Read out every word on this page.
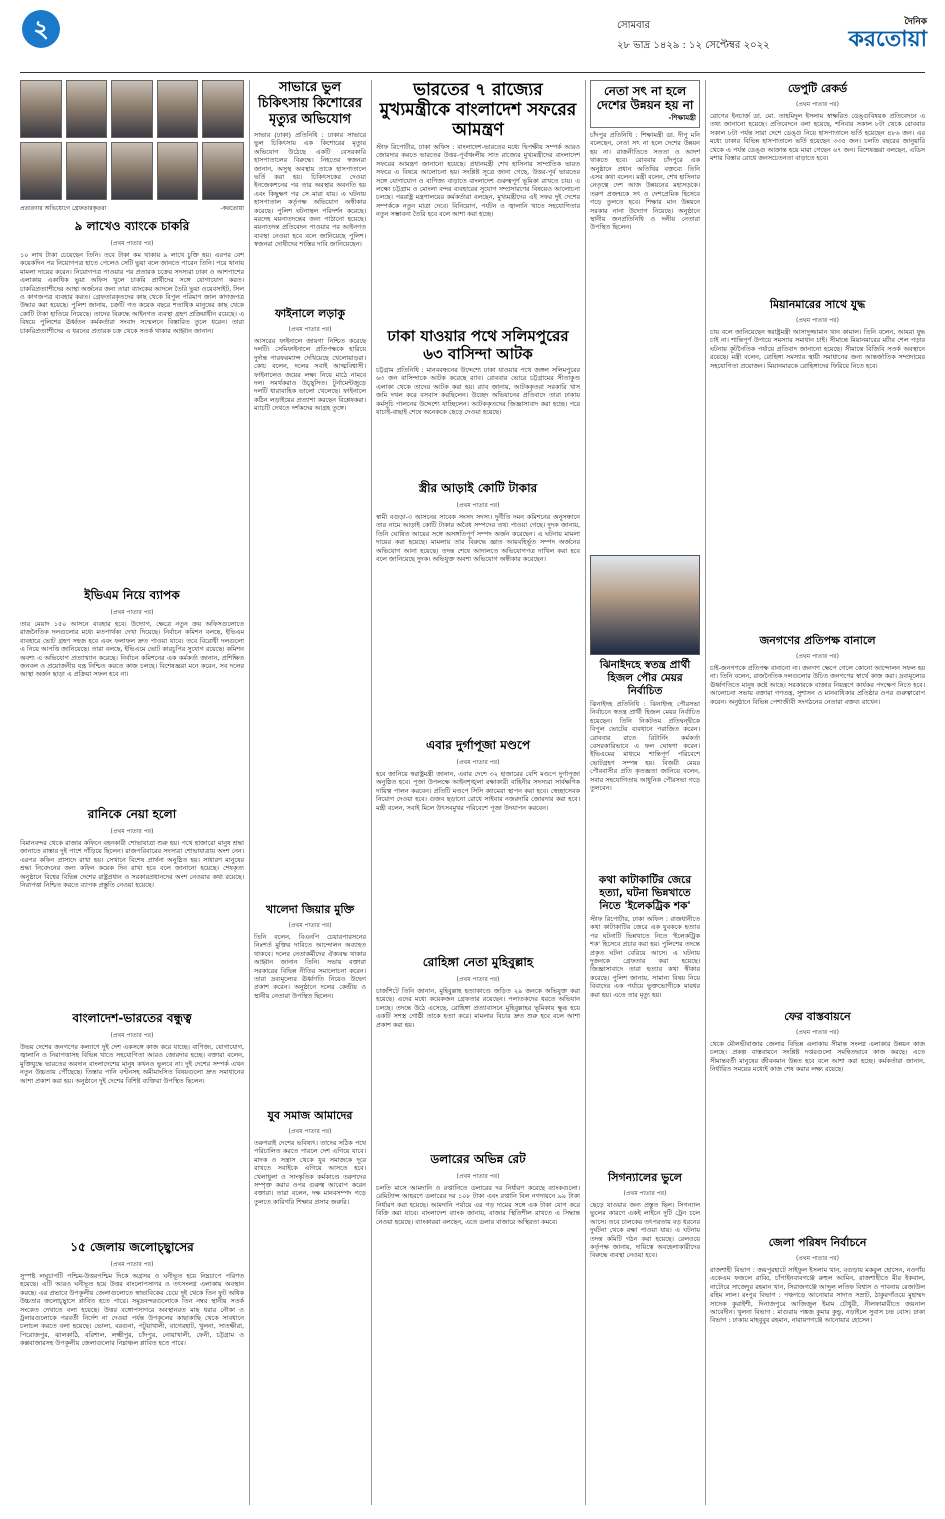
২	সোমবার
২৮ ভাদ্র ১৪২৯ : ১২ সেপ্টেম্বর ২০২২
দৈনিক
করতোয়া
প্রতারণার অভিযোগে গ্রেফতারকৃতরা	-করতোয়া
৯ লাখেও ব্যাংকে চাকরি
(প্রথম পাতার পর)
১০ লাখ টাকা চেয়েছেন তিনি। তবে টাকা কম থাকায় ৯ লাখে চুক্তি হয়। এরপর বেশ কয়েকদিন পর নিয়োগপত্র হাতে পেলেও সেটি ভুয়া বলে জানতে পারেন তিনি। পরে থানায় মামলা দায়ের করেন। নিয়োগপত্র পাওয়ার পর প্রতারক চক্রের সদস্যরা ঢাকা ও আশপাশের এলাকায় একাধিক ভুয়া অফিস খুলে চাকরি প্রার্থীদের সঙ্গে যোগাযোগ করত। চাকরিপ্রত্যাশীদের আস্থা অর্জনের জন্য তারা ব্যাংকের আদলে তৈরি ভুয়া ওয়েবসাইট, সিল ও কাগজপত্র ব্যবহার করত। গ্রেফতারকৃতদের কাছ থেকে বিপুল পরিমাণ জাল কাগজপত্র উদ্ধার করা হয়েছে। পুলিশ জানায়, চক্রটি গত কয়েক বছরে শতাধিক মানুষের কাছ থেকে কোটি টাকা হাতিয়ে নিয়েছে। তাদের বিরুদ্ধে আইনগত ব্যবস্থা গ্রহণ প্রক্রিয়াধীন রয়েছে। এ বিষয়ে পুলিশের ঊর্ধ্বতন কর্মকর্তারা সংবাদ সম্মেলনে বিস্তারিত তুলে ধরেন। তারা চাকরিপ্রত্যাশীদের এ ধরনের প্রতারক চক্র থেকে সতর্ক থাকার আহ্বান জানান।
ইভিএম নিয়ে ব্যাপক
(প্রথম পাতার পর)
তার মেয়াদ ১৫০ আসনে ব্যবহার হবে। উদ্যোগ, ক্ষেত্রে নতুন ক্রয় অফিসগুলোতে রাজনৈতিক দলগুলোর মধ্যে মতপার্থক্য দেখা দিয়েছে। নির্বাচন কমিশন বলছে, ইভিএম ব্যবহারে ভোট গ্রহণ সহজ হবে এবং ফলাফল দ্রুত পাওয়া যাবে। তবে বিরোধী দলগুলো এ নিয়ে আপত্তি জানিয়েছে। তারা বলছে, ইভিএমে ভোট কারচুপির সুযোগ রয়েছে। কমিশন অবশ্য এ অভিযোগ প্রত্যাখ্যান করেছে। নির্বাচন কমিশনের এক কর্মকর্তা জানান, প্রশিক্ষিত জনবল ও প্রয়োজনীয় যন্ত্র নিশ্চিত করতে কাজ চলছে। বিশেষজ্ঞরা মনে করেন, সব দলের আস্থা অর্জন ছাড়া এ প্রক্রিয়া সফল হবে না।
রানিকে নেয়া হলো
(প্রথম পাতার পর)
বিমানবন্দর থেকে রাজার কফিনে বহনকারী শোভাযাত্রা শুরু হয়। পথে হাজারো মানুষ শ্রদ্ধা জানাতে রাস্তার দুই পাশে দাঁড়িয়ে ছিলেন। রাজপরিবারের সদস্যরা শোভাযাত্রায় অংশ নেন। এরপর কফিন প্রাসাদে রাখা হয়। সেখানে বিশেষ প্রার্থনা অনুষ্ঠিত হয়। সাধারণ মানুষের শ্রদ্ধা নিবেদনের জন্য কফিন কয়েক দিন রাখা হবে বলে জানানো হয়েছে। শেষকৃত্য অনুষ্ঠানে বিশ্বের বিভিন্ন দেশের রাষ্ট্রপ্রধান ও সরকারপ্রধানদের অংশ নেওয়ার কথা রয়েছে। নিরাপত্তা নিশ্চিত করতে ব্যাপক প্রস্তুতি নেওয়া হয়েছে।
বাংলাদেশ-ভারতের বন্ধুত্ব
(প্রথম পাতার পর)
উভয় দেশের জনগণের কল্যাণে দুই দেশ একসঙ্গে কাজ করে যাচ্ছে। বাণিজ্য, যোগাযোগ, জ্বালানি ও নিরাপত্তাসহ বিভিন্ন খাতে সহযোগিতা আরও জোরদার হচ্ছে। বক্তারা বলেন, মুক্তিযুদ্ধে ভারতের অবদান বাংলাদেশের মানুষ কখনও ভুলবে না। দুই দেশের সম্পর্ক এখন নতুন উচ্চতায় পৌঁছেছে। তিস্তার পানি বণ্টনসহ অমীমাংসিত বিষয়গুলো দ্রুত সমাধানের আশা প্রকাশ করা হয়। অনুষ্ঠানে দুই দেশের বিশিষ্ট ব্যক্তিরা উপস্থিত ছিলেন।
১৫ জেলায় জলোচ্ছ্বাসের
(প্রথম পাতার পর)
সুস্পষ্ট লঘুচাপটি পশ্চিম-উত্তরপশ্চিম দিকে অগ্রসর ও ঘনীভূত হয়ে নিম্নচাপে পরিণত হয়েছে। এটি আরও ঘনীভূত হয়ে উত্তর বাংলোপসাগর ও তৎসংলগ্ন এলাকায় অবস্থান করছে। এর প্রভাবে উপকূলীয় জেলাগুলোতে স্বাভাবিকের চেয়ে দুই থেকে তিন ফুট অধিক উচ্চতার জলোচ্ছ্বাসে প্লাবিত হতে পারে। সমুদ্রবন্দরগুলোকে তিন নম্বর স্থানীয় সতর্ক সংকেত দেখাতে বলা হয়েছে। উত্তর বঙ্গোপসাগরে অবস্থানরত মাছ ধরার নৌকা ও ট্রলারগুলোকে পরবর্তী নির্দেশ না দেওয়া পর্যন্ত উপকূলের কাছাকাছি থেকে সাবধানে চলাচল করতে বলা হয়েছে। ভোলা, বরগুনা, পটুয়াখালী, বাগেরহাট, খুলনা, সাতক্ষীরা, পিরোজপুর, ঝালকাঠি, বরিশাল, লক্ষ্মীপুর, চাঁদপুর, নোয়াখালী, ফেনী, চট্টগ্রাম ও কক্সবাজারসহ উপকূলীয় জেলাগুলোর নিম্নাঞ্চল প্লাবিত হতে পারে।
সাভারে ভুল চিকিৎসায় কিশোরের মৃত্যুর অভিযোগ
সাভার (ঢাকা) প্রতিনিধি : ঢাকার সাভারে ভুল চিকিৎসায় এক কিশোরের মৃত্যুর অভিযোগ উঠেছে একটি বেসরকারি হাসপাতালের বিরুদ্ধে। নিহতের স্বজনরা জানান, অসুস্থ অবস্থায় তাকে হাসপাতালে ভর্তি করা হয়। চিকিৎসকের দেওয়া ইনজেকশনের পর তার অবস্থার অবনতি হয় এবং কিছুক্ষণ পর সে মারা যায়। এ ঘটনায় হাসপাতাল কর্তৃপক্ষ অভিযোগ অস্বীকার করেছে। পুলিশ ঘটনাস্থল পরিদর্শন করেছে। মরদেহ ময়নাতদন্তের জন্য পাঠানো হয়েছে। ময়নাতদন্ত প্রতিবেদন পাওয়ার পর আইনগত ব্যবস্থা নেওয়া হবে বলে জানিয়েছে পুলিশ। স্বজনরা দোষীদের শাস্তির দাবি জানিয়েছেন।
ফাইনালে লড়াকু
(প্রথম পাতার পর)
আসরের ফাইনালে জায়গা নিশ্চিত করেছে দলটি। সেমিফাইনালে প্রতিপক্ষকে হারিয়ে দুর্দান্ত পারফরম্যান্স দেখিয়েছে খেলোয়াড়রা। কোচ বলেন, দলের সবাই আত্মবিশ্বাসী। ফাইনালেও জয়ের লক্ষ্য নিয়ে মাঠে নামবে দল। সমর্থকরাও উচ্ছ্বসিত। টুর্নামেন্টজুড়ে দলটি ধারাবাহিক ভালো খেলেছে। ফাইনালে কঠিন লড়াইয়ের প্রত্যাশা করছেন বিশ্লেষকরা। ম্যাচটি দেখতে দর্শকদের আগ্রহ তুঙ্গে।
খালেদা জিয়ার মুক্তি
(প্রথম পাতার পর)
তিনি বলেন, বিএনপি চেয়ারপারসনের নিঃশর্ত মুক্তির দাবিতে আন্দোলন অব্যাহত থাকবে। দলের নেতাকর্মীদের ঐক্যবদ্ধ থাকার আহ্বান জানান তিনি। সভায় বক্তারা সরকারের বিভিন্ন নীতির সমালোচনা করেন। তারা দ্রব্যমূল্যের ঊর্ধ্বগতি নিয়েও উদ্বেগ প্রকাশ করেন। অনুষ্ঠানে দলের কেন্দ্রীয় ও স্থানীয় নেতারা উপস্থিত ছিলেন।
যুব সমাজ আমাদের
(প্রথম পাতার পর)
তরুণরাই দেশের ভবিষ্যৎ। তাদের সঠিক পথে পরিচালিত করতে পারলে দেশ এগিয়ে যাবে। মাদক ও সন্ত্রাস থেকে যুব সমাজকে দূরে রাখতে সবাইকে এগিয়ে আসতে হবে। খেলাধুলা ও সাংস্কৃতিক কর্মকাণ্ডে তরুণদের সম্পৃক্ত করার ওপর গুরুত্ব আরোপ করেন বক্তারা। তারা বলেন, দক্ষ মানবসম্পদ গড়ে তুলতে কারিগরি শিক্ষার প্রসার জরুরি।
ভারতের ৭ রাজ্যের মুখ্যমন্ত্রীকে বাংলাদেশ সফরের আমন্ত্রণ
স্টাফ রিপোর্টার, ঢাকা অফিস : বাংলাদেশ-ভারতের মধ্যে দ্বিপক্ষীয় সম্পর্ক আরও জোরদার করতে ভারতের উত্তর-পূর্বাঞ্চলীয় সাত রাজ্যের মুখ্যমন্ত্রীদের বাংলাদেশ সফরের আমন্ত্রণ জানানো হয়েছে। প্রধানমন্ত্রী শেখ হাসিনার সাম্প্রতিক ভারত সফরে এ বিষয়ে আলোচনা হয়। সংশ্লিষ্ট সূত্রে জানা গেছে, উত্তর-পূর্ব ভারতের সঙ্গে যোগাযোগ ও বাণিজ্য বাড়াতে বাংলাদেশ গুরুত্বপূর্ণ ভূমিকা রাখতে চায়। এ লক্ষ্যে চট্টগ্রাম ও মোংলা বন্দর ব্যবহারের সুযোগ সম্প্রসারণের বিষয়েও আলোচনা চলছে। পররাষ্ট্র মন্ত্রণালয়ের কর্মকর্তারা বলছেন, মুখ্যমন্ত্রীদের এই সফর দুই দেশের সম্পর্ককে নতুন মাত্রা দেবে। বিনিয়োগ, পর্যটন ও জ্বালানি খাতে সহযোগিতার নতুন সম্ভাবনা তৈরি হবে বলে আশা করা হচ্ছে।
ঢাকা যাওয়ার পথে সলিমপুরের ৬৩ বাসিন্দা আটক
চট্টগ্রাম প্রতিনিধি : মানববন্ধনের উদ্দেশ্যে ঢাকা যাওয়ার পথে জঙ্গল সলিমপুরের ৬৩ জন বাসিন্দাকে আটক করেছে র‍্যাব। রোববার ভোরে চট্টগ্রামের সীতাকুণ্ড এলাকা থেকে তাদের আটক করা হয়। র‍্যাব জানায়, আটককৃতরা সরকারি খাস জমি দখল করে বসবাস করছিলেন। উচ্ছেদ অভিযানের প্রতিবাদে তারা ঢাকায় কর্মসূচি পালনের উদ্দেশ্যে যাচ্ছিলেন। আটককৃতদের জিজ্ঞাসাবাদ করা হচ্ছে। পরে যাচাই-বাছাই শেষে অনেককে ছেড়ে দেওয়া হয়েছে।
স্ত্রীর আড়াই কোটি টাকার
(প্রথম পাতার পর)
স্বামী বগুড়া-৩ আসনের সাবেক সংসদ সদস্য। দুর্নীতি দমন কমিশনের অনুসন্ধানে তার নামে আড়াই কোটি টাকার অবৈধ সম্পদের তথ্য পাওয়া গেছে। দুদক জানায়, তিনি ঘোষিত আয়ের সঙ্গে অসঙ্গতিপূর্ণ সম্পদ অর্জন করেছেন। এ ঘটনায় মামলা দায়ের করা হয়েছে। মামলায় তার বিরুদ্ধে জ্ঞাত আয়বহির্ভূত সম্পদ অর্জনের অভিযোগ আনা হয়েছে। তদন্ত শেষে আদালতে অভিযোগপত্র দাখিল করা হবে বলে জানিয়েছে দুদক। অভিযুক্ত অবশ্য অভিযোগ অস্বীকার করেছেন।
এবার দুর্গাপূজা মণ্ডপে
(প্রথম পাতার পর)
হবে জানিয়ে স্বরাষ্ট্রমন্ত্রী জানান, এবার দেশে ৩২ হাজারের বেশি মণ্ডপে দুর্গাপূজা অনুষ্ঠিত হবে। পূজা উপলক্ষে আইনশৃঙ্খলা রক্ষাকারী বাহিনীর সদস্যরা সার্বক্ষণিক দায়িত্ব পালন করবেন। প্রতিটি মণ্ডপে সিসি ক্যামেরা স্থাপন করা হবে। স্বেচ্ছাসেবক নিয়োগ দেওয়া হবে। গুজব ছড়ানো রোধে সাইবার নজরদারি জোরদার করা হবে। মন্ত্রী বলেন, সবাই মিলে উৎসবমুখর পরিবেশে পূজা উদযাপন করবেন।
রোহিঙ্গা নেতা মুহিবুল্লাহ
(প্রথম পাতার পর)
চার্জশিটে তিনি জানান, মুহিবুল্লাহ হত্যাকাণ্ডে জড়িত ২৯ জনকে অভিযুক্ত করা হয়েছে। এদের মধ্যে কয়েকজন গ্রেফতার রয়েছেন। পলাতকদের ধরতে অভিযান চলছে। তদন্তে উঠে এসেছে, রোহিঙ্গা প্রত্যাবাসনে মুহিবুল্লাহর ভূমিকায় ক্ষুব্ধ হয়ে একটি সশস্ত্র গোষ্ঠী তাকে হত্যা করে। মামলার বিচার দ্রুত শুরু হবে বলে আশা প্রকাশ করা হয়।
ডলারের অভিন্ন রেট
(প্রথম পাতার পর)
চলতি মাসে আমদানি ও রপ্তানিতে ডলারের দর নির্ধারণ করেছে ব্যাংকগুলো। রেমিট্যান্স আহরণে ডলারের দর ১০৮ টাকা এবং রপ্তানি বিল নগদায়নে ৯৯ টাকা নির্ধারণ করা হয়েছে। আমদানি পর্যায়ে এর গড় দামের সঙ্গে এক টাকা যোগ করে বিক্রি করা যাবে। বাংলাদেশ ব্যাংক জানায়, বাজার স্থিতিশীল রাখতে এ সিদ্ধান্ত নেওয়া হয়েছে। ব্যাংকাররা বলছেন, এতে ডলার বাজারে অস্থিরতা কমবে।
নেতা সৎ না হলে দেশের উন্নয়ন হয় না
-শিক্ষামন্ত্রী
চাঁদপুর প্রতিনিধি : শিক্ষামন্ত্রী ডা. দীপু মনি বলেছেন, নেতা সৎ না হলে দেশের উন্নয়ন হয় না। রাজনীতিতে সততা ও আদর্শ থাকতে হবে। রোববার চাঁদপুরে এক অনুষ্ঠানে প্রধান অতিথির বক্তব্যে তিনি এসব কথা বলেন। মন্ত্রী বলেন, শেখ হাসিনার নেতৃত্বে দেশ আজ উন্নয়নের মহাসড়কে। তরুণ প্রজন্মকে সৎ ও দেশপ্রেমিক হিসেবে গড়ে তুলতে হবে। শিক্ষার মান উন্নয়নে সরকার নানা উদ্যোগ নিয়েছে। অনুষ্ঠানে স্থানীয় জনপ্রতিনিধি ও দলীয় নেতারা উপস্থিত ছিলেন।
ঝিনাইদহে স্বতন্ত্র প্রার্থী হিজল পৌর মেয়র নির্বাচিত
ঝিনাইদহ প্রতিনিধি : ঝিনাইদহ পৌরসভা নির্বাচনে স্বতন্ত্র প্রার্থী হিজল মেয়র নির্বাচিত হয়েছেন। তিনি নিকটতম প্রতিদ্বন্দ্বীকে বিপুল ভোটের ব্যবধানে পরাজিত করেন। রোববার রাতে রিটার্নিং কর্মকর্তা বেসরকারিভাবে এ ফল ঘোষণা করেন। ইভিএমের মাধ্যমে শান্তিপূর্ণ পরিবেশে ভোটগ্রহণ সম্পন্ন হয়। বিজয়ী মেয়র পৌরবাসীর প্রতি কৃতজ্ঞতা জানিয়ে বলেন, সবার সহযোগিতায় আধুনিক পৌরসভা গড়ে তুলবেন।
কথা কাটাকাটির জেরে হত্যা, ঘটনা ভিন্নখাতে নিতে 'ইলেকট্রিক শক'
স্টাফ রিপোর্টার, ঢাকা অফিস : রাজধানীতে কথা কাটাকাটির জেরে এক যুবককে হত্যার পর ঘটনাটি ভিন্নখাতে নিতে 'ইলেকট্রিক শক' হিসেবে প্রচার করা হয়। পুলিশের তদন্তে প্রকৃত ঘটনা বেরিয়ে আসে। এ ঘটনায় দুজনকে গ্রেফতার করা হয়েছে। জিজ্ঞাসাবাদে তারা হত্যার কথা স্বীকার করেছে। পুলিশ জানায়, সামান্য বিষয় নিয়ে বিবাদের এক পর্যায়ে ভুক্তভোগীকে মারধর করা হয়। এতে তার মৃত্যু হয়।
সিগন্যালের ভুলে
(প্রথম পাতার পর)
ছেড়ে যাওয়ার জন্য প্রস্তুত ছিল। সিগন্যাল ভুলের কারণে একই লাইনে দুটি ট্রেন চলে আসে। তবে চালকের তৎপরতায় বড় ধরনের দুর্ঘটনা থেকে রক্ষা পাওয়া যায়। এ ঘটনায় তদন্ত কমিটি গঠন করা হয়েছে। রেলওয়ে কর্তৃপক্ষ জানায়, দায়িত্বে অবহেলাকারীদের বিরুদ্ধে ব্যবস্থা নেওয়া হবে।
ডেপুটি রেকর্ড
(প্রথম পাতার পর)
রোগের ইনচার্জ ডা. মো. তাহমিদুল ইসলাম স্বাক্ষরিত ডেঙ্গুবিষয়ক প্রতিবেদনে এ তথ্য জানানো হয়েছে। প্রতিবেদনে বলা হয়েছে, শনিবার সকাল ৮টা থেকে রোববার সকাল ৮টা পর্যন্ত সারা দেশে ডেঙ্গু নিয়ে হাসপাতালে ভর্তি হয়েছেন ৪৮৬ জন। এর মধ্যে ঢাকার বিভিন্ন হাসপাতালে ভর্তি হয়েছেন ৩৩৫ জন। চলতি বছরের জানুয়ারি থেকে এ পর্যন্ত ডেঙ্গু আক্রান্ত হয়ে মারা গেছেন ৬৭ জন। বিশেষজ্ঞরা বলছেন, এডিস মশার বিস্তার রোধে জনসচেতনতা বাড়াতে হবে।
মিয়ানমারের সাথে যুদ্ধ
(প্রথম পাতার পর)
চায় বলে জানিয়েছেন স্বরাষ্ট্রমন্ত্রী আসাদুজ্জামান খান কামাল। তিনি বলেন, আমরা যুদ্ধ চাই না। শান্তিপূর্ণ উপায়ে সমস্যার সমাধান চাই। সীমান্তে মিয়ানমারের মর্টার শেল পড়ার ঘটনায় কূটনৈতিক পর্যায়ে প্রতিবাদ জানানো হয়েছে। সীমান্তে বিজিবি সতর্ক অবস্থানে রয়েছে। মন্ত্রী বলেন, রোহিঙ্গা সমস্যার স্থায়ী সমাধানের জন্য আন্তর্জাতিক সম্প্রদায়ের সহযোগিতা প্রয়োজন। মিয়ানমারকে রোহিঙ্গাদের ফিরিয়ে নিতে হবে।
জনগণের প্রতিপক্ষ বানালে
(প্রথম পাতার পর)
চাই-জনগণকে প্রতিপক্ষ বানানো না। জনগণ ক্ষেপে গেলে কোনো আন্দোলন সফল হয় না। তিনি বলেন, রাজনৈতিক দলগুলোর উচিত জনগণের স্বার্থে কাজ করা। দ্রব্যমূল্যের ঊর্ধ্বগতিতে মানুষ কষ্টে আছে। সরকারকে বাজার নিয়ন্ত্রণে কার্যকর পদক্ষেপ নিতে হবে। আলোচনা সভায় বক্তারা গণতন্ত্র, সুশাসন ও মানবাধিকার প্রতিষ্ঠার ওপর গুরুত্বারোপ করেন। অনুষ্ঠানে বিভিন্ন পেশাজীবী সংগঠনের নেতারা বক্তব্য রাখেন।
ফের বাস্তবায়নে
(প্রথম পাতার পর)
থেকে মৌলভীবাজার জেলার বিভিন্ন এলাকায় সীমান্ত সংলগ্ন এলাকার উন্নয়ন কাজ চলছে। প্রকল্প বাস্তবায়নে সংশ্লিষ্ট দপ্তরগুলো সমন্বিতভাবে কাজ করছে। এতে সীমান্তবর্তী মানুষের জীবনমান উন্নত হবে বলে আশা করা হচ্ছে। কর্মকর্তারা জানান, নির্ধারিত সময়ের মধ্যেই কাজ শেষ করার লক্ষ্য রয়েছে।
জেলা পরিষদ নির্বাচনে
(প্রথম পাতার পর)
রাজশাহী বিভাগ : জয়পুরহাটে সাইফুল ইসলাম খান, বগুড়ায় মকবুল হোসেন, নওগাঁয় একেএম ফজলে রাব্বি, চাঁপাইনবাবগঞ্জে রুহুল আমিন, রাজশাহীতে মীর ইকবাল, নাটোরে সাজেদুর রহমান খান, সিরাজগঞ্জে আব্দুল লতিফ বিশ্বাস ও পাবনায় রেজাউল রহিম লাল। রংপুর বিভাগ : পঞ্চগড়ে আনোয়ার সাদাত সম্রাট, ঠাকুরগাঁওয়ে মুহাম্মদ সাদেক কুরাইশী, দিনাজপুরে আজিজুল ইমাম চৌধুরী, নীলফামারীতে জয়নাল আবেদীন। খুলনা বিভাগ : মাগুরায় পঙ্কজ কুমার কুন্ডু, নড়াইলে সুবাস চন্দ্র বোস। ঢাকা বিভাগ : ঢাকায় মাহবুবুর রহমান, নারায়ণগঞ্জে আনোয়ার হোসেন।
